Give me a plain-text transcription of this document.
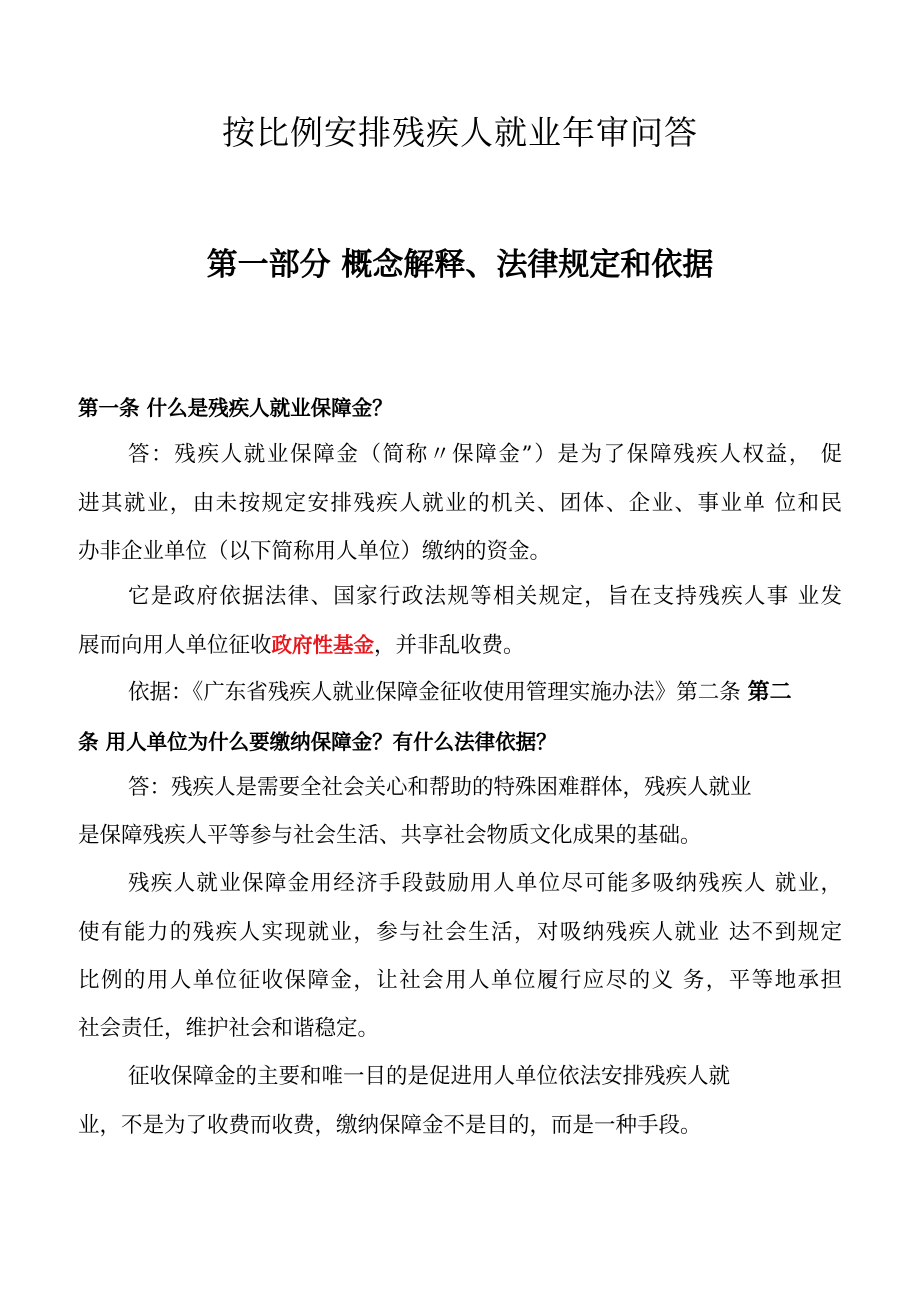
按比例安排残疾人就业年审问答
第一部分 概念解释、法律规定和依据
第一条 什么是残疾人就业保障金？
答：残疾人就业保障金（简称〃保障金”）是为了保障残疾人权益， 促
进其就业，由未按规定安排残疾人就业的机关、团体、企业、事业单 位和民
办非企业单位（以下简称用人单位）缴纳的资金。
它是政府依据法律、国家行政法规等相关规定，旨在支持残疾人事 业发
展而向用人单位征收政府性基金，并非乱收费。
依据：《广东省残疾人就业保障金征收使用管理实施办法》第二条 第二
条 用人单位为什么要缴纳保障金？有什么法律依据？
答：残疾人是需要全社会关心和帮助的特殊困难群体，残疾人就业
是保障残疾人平等参与社会生活、共享社会物质文化成果的基础。
残疾人就业保障金用经济手段鼓励用人单位尽可能多吸纳残疾人 就业，
使有能力的残疾人实现就业，参与社会生活，对吸纳残疾人就业 达不到规定
比例的用人单位征收保障金，让社会用人单位履行应尽的义 务，平等地承担
社会责任，维护社会和谐稳定。
征收保障金的主要和唯一目的是促进用人单位依法安排残疾人就
业，不是为了收费而收费，缴纳保障金不是目的，而是一种手段。
